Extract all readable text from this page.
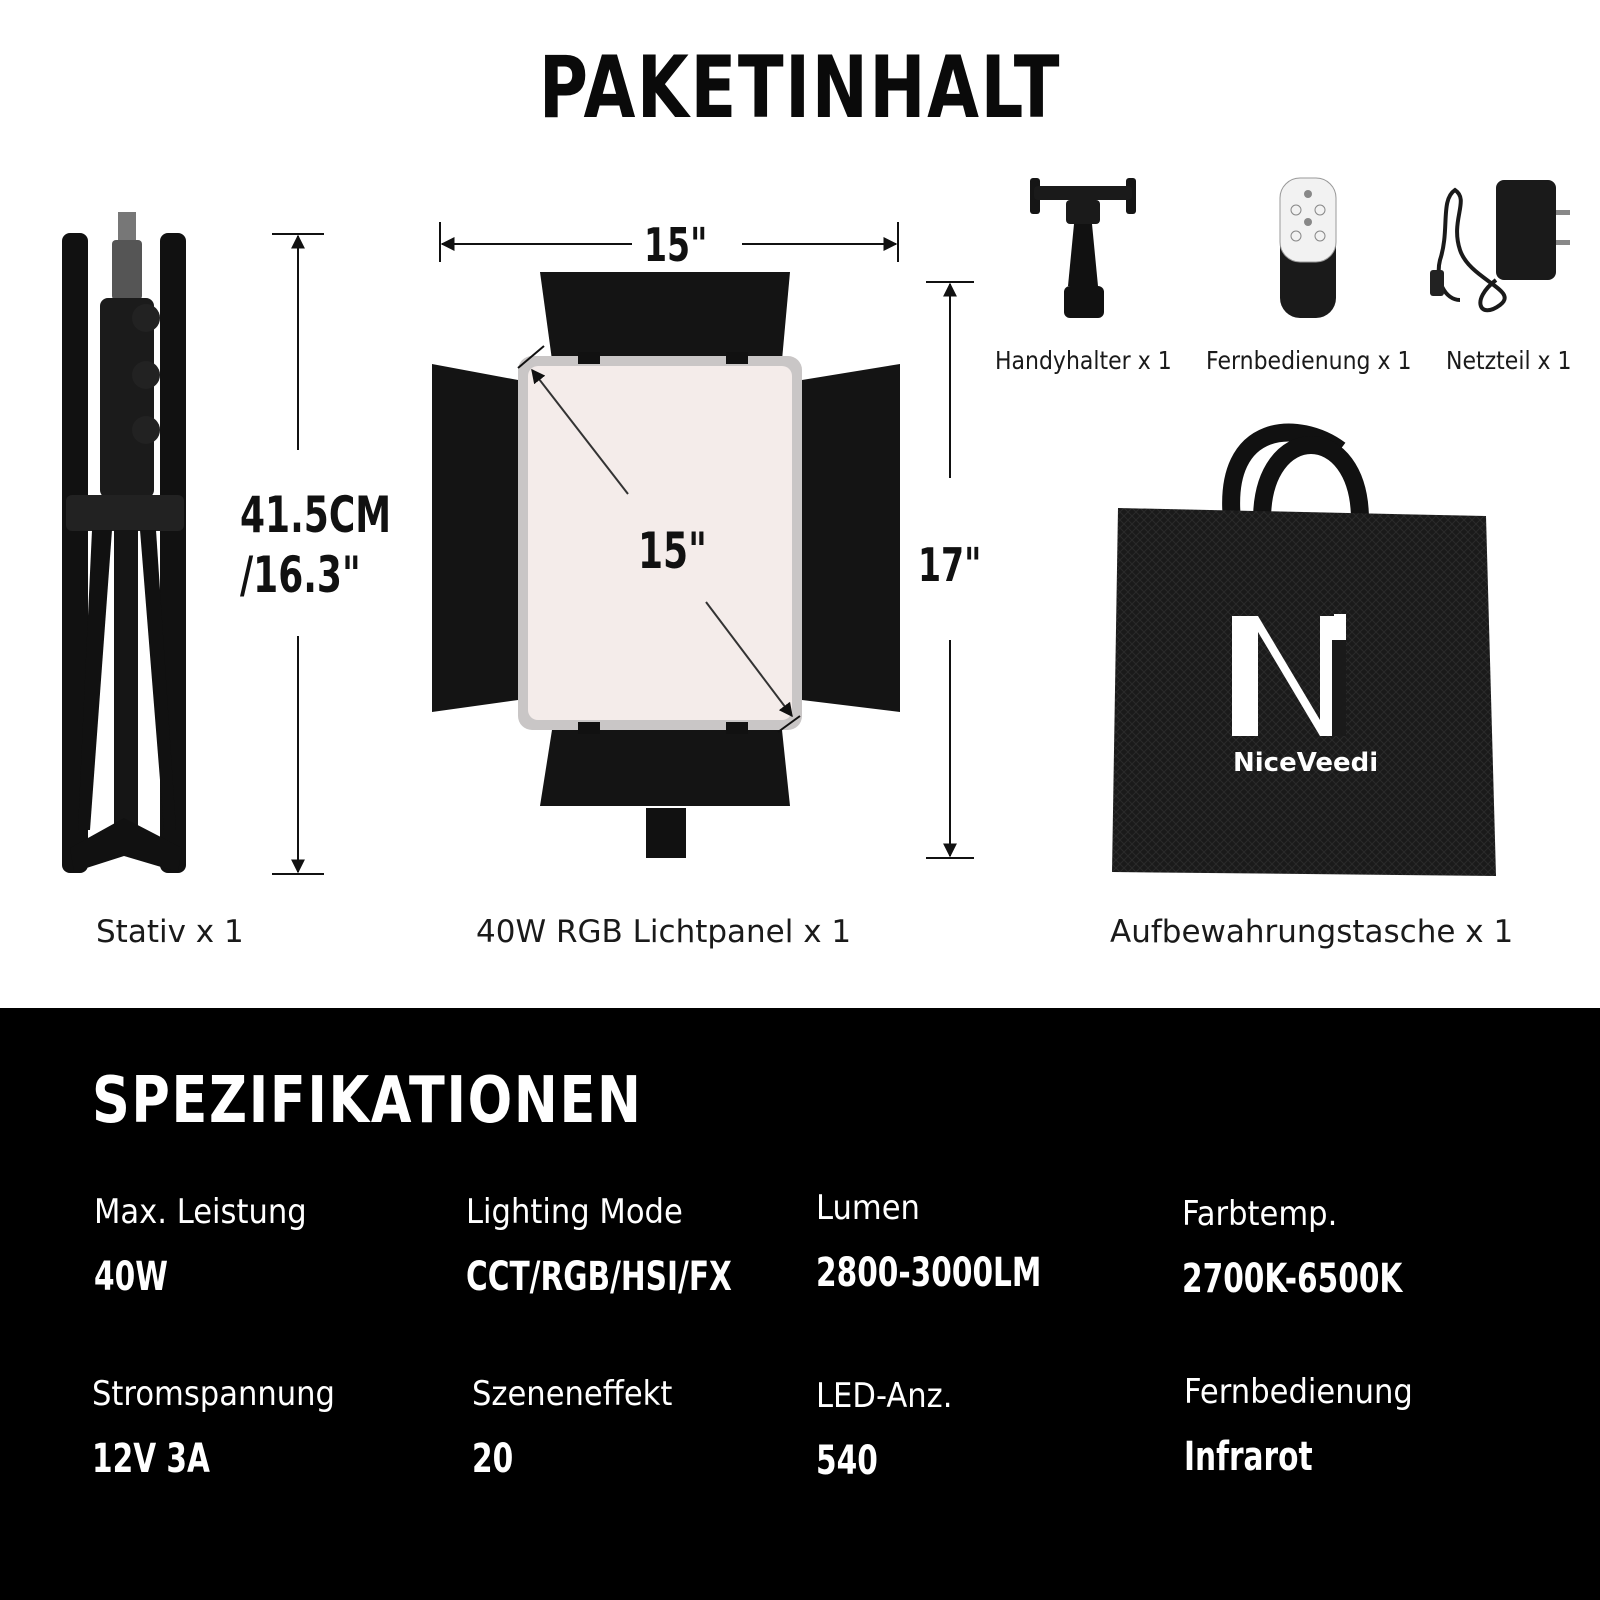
PAKETINHALT
41.5CM
/16.3"
15"
15"	17"
Handyhalter x 1 Fernbedienung x 1 Netzteil x 1
NiceVeedi
Stativ x 1	40W RGB Lichtpanel x 1	Aufbewahrungstasche x 1
SPEZIFIKATIONEN
Max. Leistung
40W
Lighting Mode
CCT/RGB/HSI/FX
Lumen
2800-3000LM
Farbtemp.
2700K-6500K
Stromspannung
12V 3A
Szeneneffekt
20
LED-Anz.
540
Fernbedienung
Infrarot
